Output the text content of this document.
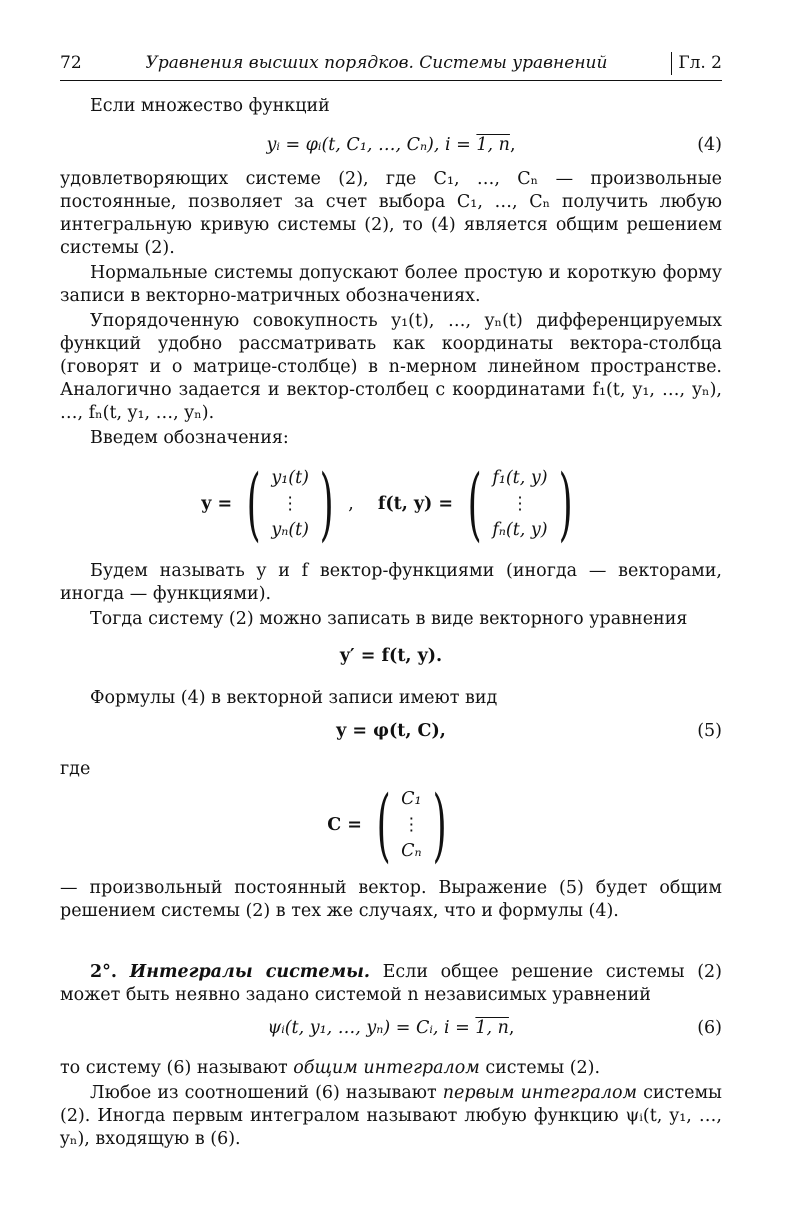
72	Уравнения высших порядков. Системы уравнений	Гл. 2

Если множество функций

yᵢ = φᵢ(t, C₁, …, Cₙ), i = 1, n,	(4)

удовлетворяющих системе (2), где C₁, …, Cₙ — произвольные постоянные, позволяет за счет выбора C₁, …, Cₙ получить любую интегральную кривую системы (2), то (4) является общим решением системы (2).

Нормальные системы допускают более простую и короткую форму записи в векторно-матричных обозначениях.

Упорядоченную совокупность y₁(t), …, yₙ(t) дифференцируемых функций удобно рассматривать как координаты вектора-столбца (говорят и о матрице-столбце) в n-мерном линейном пространстве. Аналогично задается и вектор-столбец с координатами f₁(t, y₁, …, yₙ), …, fₙ(t, y₁, …, yₙ).

Введем обозначения:

y = ( y₁(t)
⋮
yₙ(t) ) , f(t, y) = ( f₁(t, y)
⋮
fₙ(t, y) )

Будем называть y и f вектор-функциями (иногда — векторами, иногда — функциями).

Тогда систему (2) можно записать в виде векторного уравнения

y′ = f(t, y).

Формулы (4) в векторной записи имеют вид

y = φ(t, C),	(5)

где

C = ( C₁
⋮
Cₙ )

— произвольный постоянный вектор. Выражение (5) будет общим решением системы (2) в тех же случаях, что и формулы (4).

2°. Интегралы системы. Если общее решение системы (2) может быть неявно задано системой n независимых уравнений

ψᵢ(t, y₁, …, yₙ) = Cᵢ, i = 1, n,	(6)

то систему (6) называют общим интегралом системы (2).

Любое из соотношений (6) называют первым интегралом системы (2). Иногда первым интегралом называют любую функцию ψᵢ(t, y₁, …, yₙ), входящую в (6).
